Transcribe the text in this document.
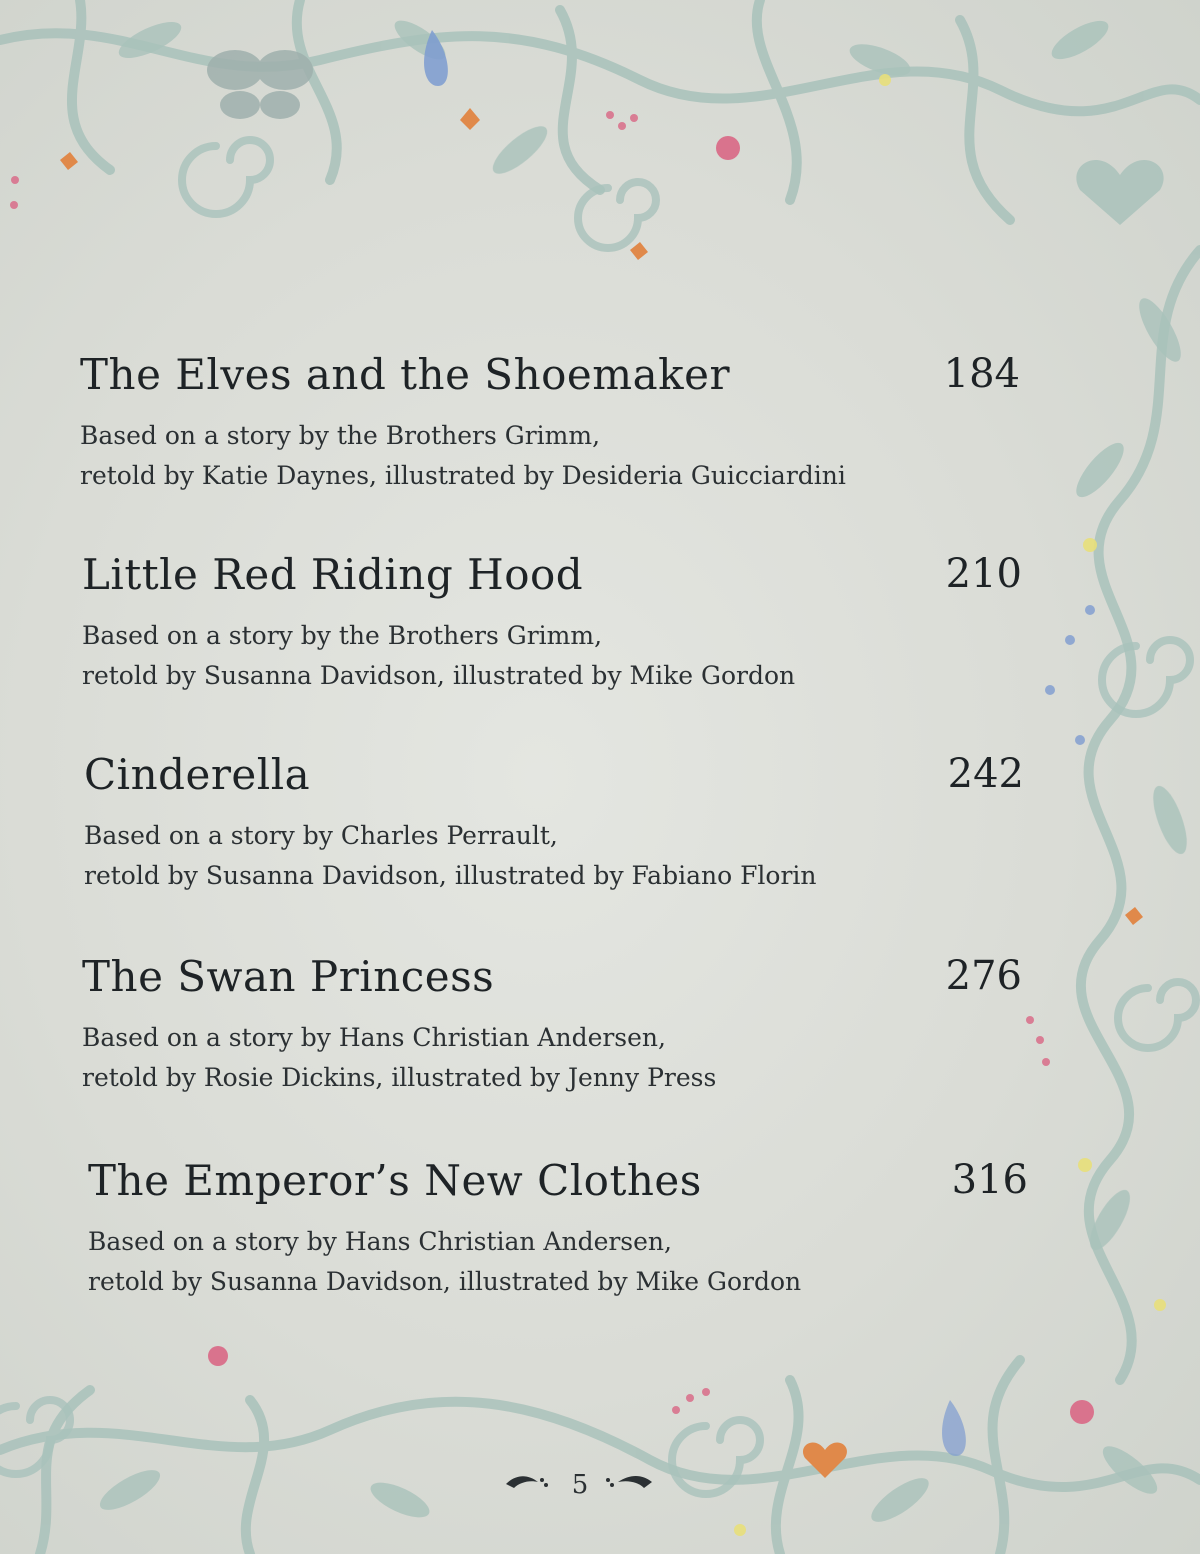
The Elves and the Shoemaker	184
Based on a story by the Brothers Grimm,
retold by Katie Daynes, illustrated by Desideria Guicciardini
Little Red Riding Hood	210
Based on a story by the Brothers Grimm,
retold by Susanna Davidson, illustrated by Mike Gordon
Cinderella	242
Based on a story by Charles Perrault,
retold by Susanna Davidson, illustrated by Fabiano Florin
The Swan Princess	276
Based on a story by Hans Christian Andersen,
retold by Rosie Dickins, illustrated by Jenny Press
The Emperor’s New Clothes	316
Based on a story by Hans Christian Andersen,
retold by Susanna Davidson, illustrated by Mike Gordon
5
